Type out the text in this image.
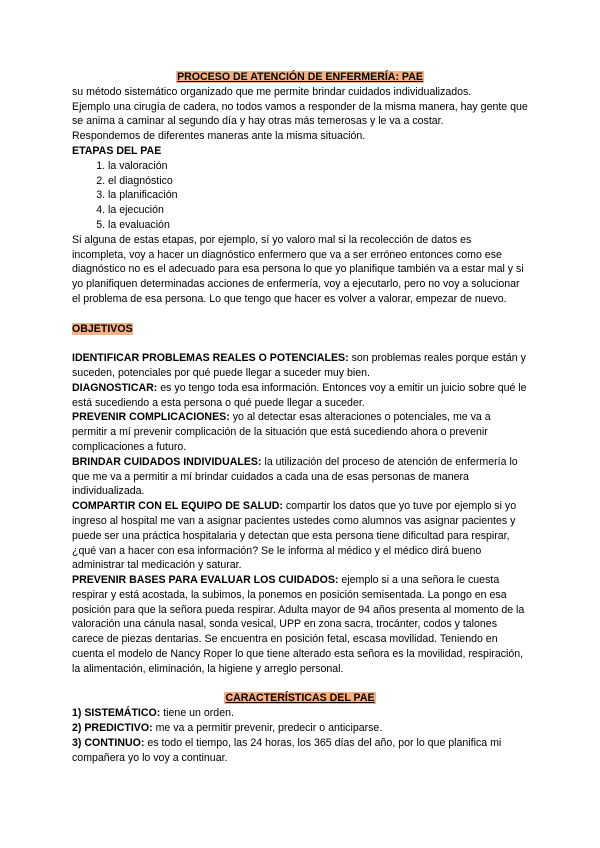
PROCESO DE ATENCIÓN DE ENFERMERÍA: PAE

su método sistemático organizado que me permite brindar cuidados individualizados.

Ejemplo una cirugía de cadera, no todos vamos a responder de la misma manera, hay gente que se anima a caminar al segundo día y hay otras más temerosas y le va a costar.

Respondemos de diferentes maneras ante la misma situación.

ETAPAS DEL PAE

1. la valoración
2. el diagnóstico
3. la planificación
4. la ejecución
5. la evaluación

Si alguna de estas etapas, por ejemplo, sí yo valoro mal si la recolección de datos es incompleta, voy a hacer un diagnóstico enfermero que va a ser erróneo entonces como ese diagnóstico no es el adecuado para esa persona lo que yo planifique también va a estar mal y si yo planifiquen determinadas acciones de enfermería, voy a ejecutarlo, pero no voy a solucionar el problema de esa persona. Lo que tengo que hacer es volver a valorar, empezar de nuevo.

OBJETIVOS

IDENTIFICAR PROBLEMAS REALES O POTENCIALES: son problemas reales porque están y suceden, potenciales por qué puede llegar a suceder muy bien.

DIAGNOSTICAR: es yo tengo toda esa información. Entonces voy a emitir un juicio sobre qué le está sucediendo a esta persona o qué puede llegar a suceder.

PREVENIR COMPLICACIONES: yo al detectar esas alteraciones o potenciales, me va a permitir a mí prevenir complicación de la situación que está sucediendo ahora o prevenir complicaciones a futuro.

BRINDAR CUIDADOS INDIVIDUALES: la utilización del proceso de atención de enfermería lo que me va a permitir a mí brindar cuidados a cada una de esas personas de manera individualizada.

COMPARTIR CON EL EQUIPO DE SALUD: compartir los datos que yo tuve por ejemplo si yo ingreso al hospital me van a asignar pacientes ustedes como alumnos vas asignar pacientes y puede ser una práctica hospitalaria y detectan que esta persona tiene dificultad para respirar, ¿qué van a hacer con esa información? Se le informa al médico y el médico dirá bueno administrar tal medicación y saturar.

PREVENIR BASES PARA EVALUAR LOS CUIDADOS: ejemplo si a una señora le cuesta respirar y está acostada, la subimos, la ponemos en posición semisentada. La pongo en esa posición para que la señora pueda respirar. Adulta mayor de 94 años presenta al momento de la valoración una cánula nasal, sonda vesical, UPP en zona sacra, trocánter, codos y talones carece de piezas dentarias. Se encuentra en posición fetal, escasa movilidad. Teniendo en cuenta el modelo de Nancy Roper lo que tiene alterado esta señora es la movilidad, respiración, la alimentación, eliminación, la higiene y arreglo personal.

CARACTERÍSTICAS DEL PAE

1) SISTEMÁTICO: tiene un orden.

2) PREDICTIVO: me va a permitir prevenir, predecir o anticiparse.

3) CONTINUO: es todo el tiempo, las 24 horas, los 365 días del año, por lo que planifica mi compañera yo lo voy a continuar.
